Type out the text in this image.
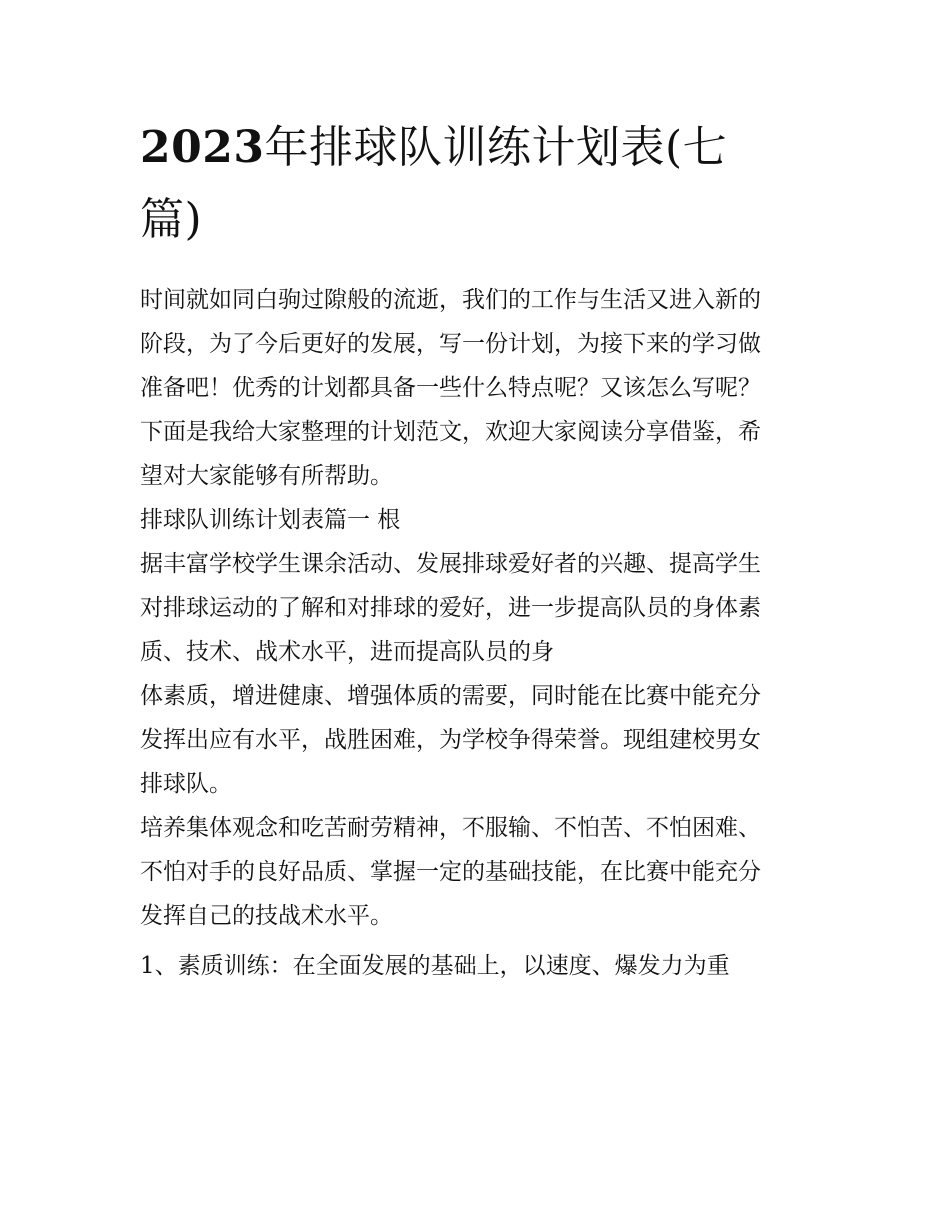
2023年排球队训练计划表(七
篇)
时间就如同白驹过隙般的流逝，我们的工作与生活又进入新的
阶段，为了今后更好的发展，写一份计划，为接下来的学习做
准备吧！优秀的计划都具备一些什么特点呢？又该怎么写呢？
下面是我给大家整理的计划范文，欢迎大家阅读分享借鉴，希
望对大家能够有所帮助。
排球队训练计划表篇一 根
据丰富学校学生课余活动、发展排球爱好者的兴趣、提高学生
对排球运动的了解和对排球的爱好，进一步提高队员的身体素
质、技术、战术水平，进而提高队员的身
体素质，增进健康、增强体质的需要，同时能在比赛中能充分
发挥出应有水平，战胜困难，为学校争得荣誉。现组建校男女
排球队。
培养集体观念和吃苦耐劳精神，不服输、不怕苦、不怕困难、
不怕对手的良好品质、掌握一定的基础技能，在比赛中能充分
发挥自己的技战术水平。
1、素质训练：在全面发展的基础上，以速度、爆发力为重
